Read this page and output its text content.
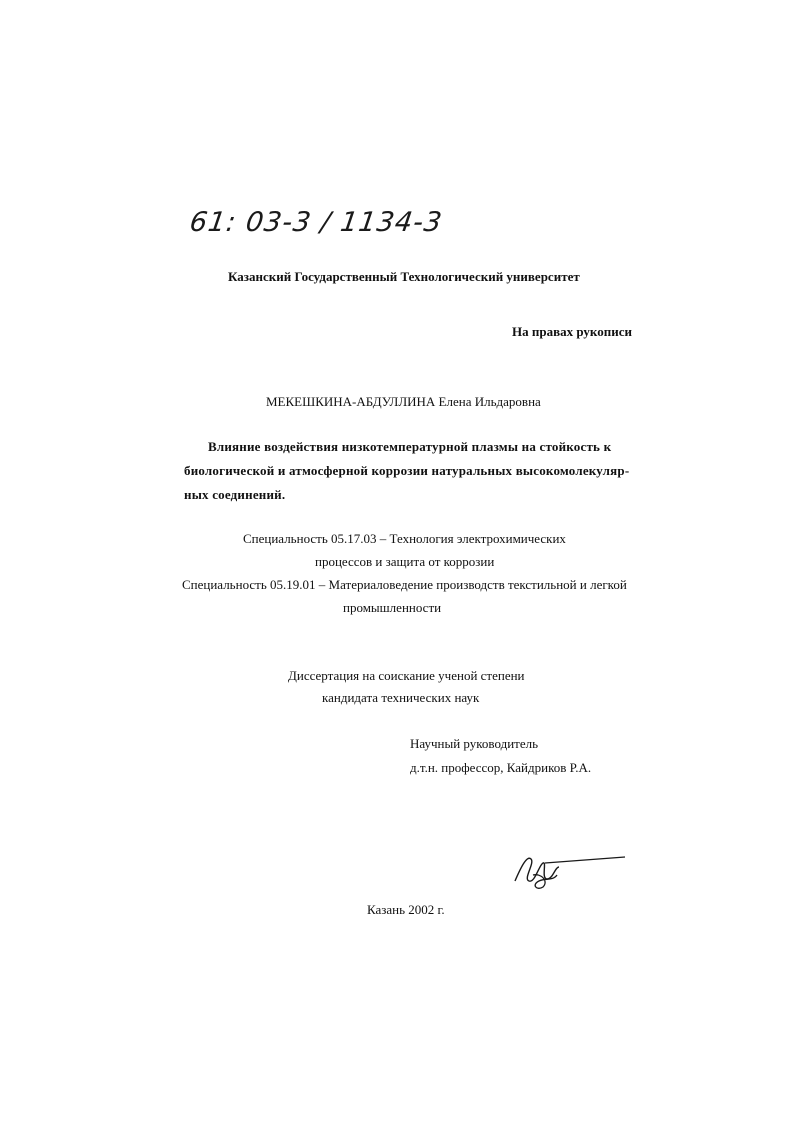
61: 03-3 / 1134-3
Казанский Государственный Технологический университет
На правах рукописи
МЕКЕШКИНА-АБДУЛЛИНА Елена Ильдаровна
Влияние воздействия низкотемпературной плазмы на стойкость к
биологической и атмосферной коррозии натуральных высокомолекуляр-
ных соединений.
Специальность 05.17.03 – Технология электрохимических
процессов и защита от коррозии
Специальность 05.19.01 – Материаловедение производств текстильной и легкой
промышленности
Диссертация на соискание ученой степени
кандидата технических наук
Научный руководитель
д.т.н. профессор, Кайдриков Р.А.
Казань 2002 г.
